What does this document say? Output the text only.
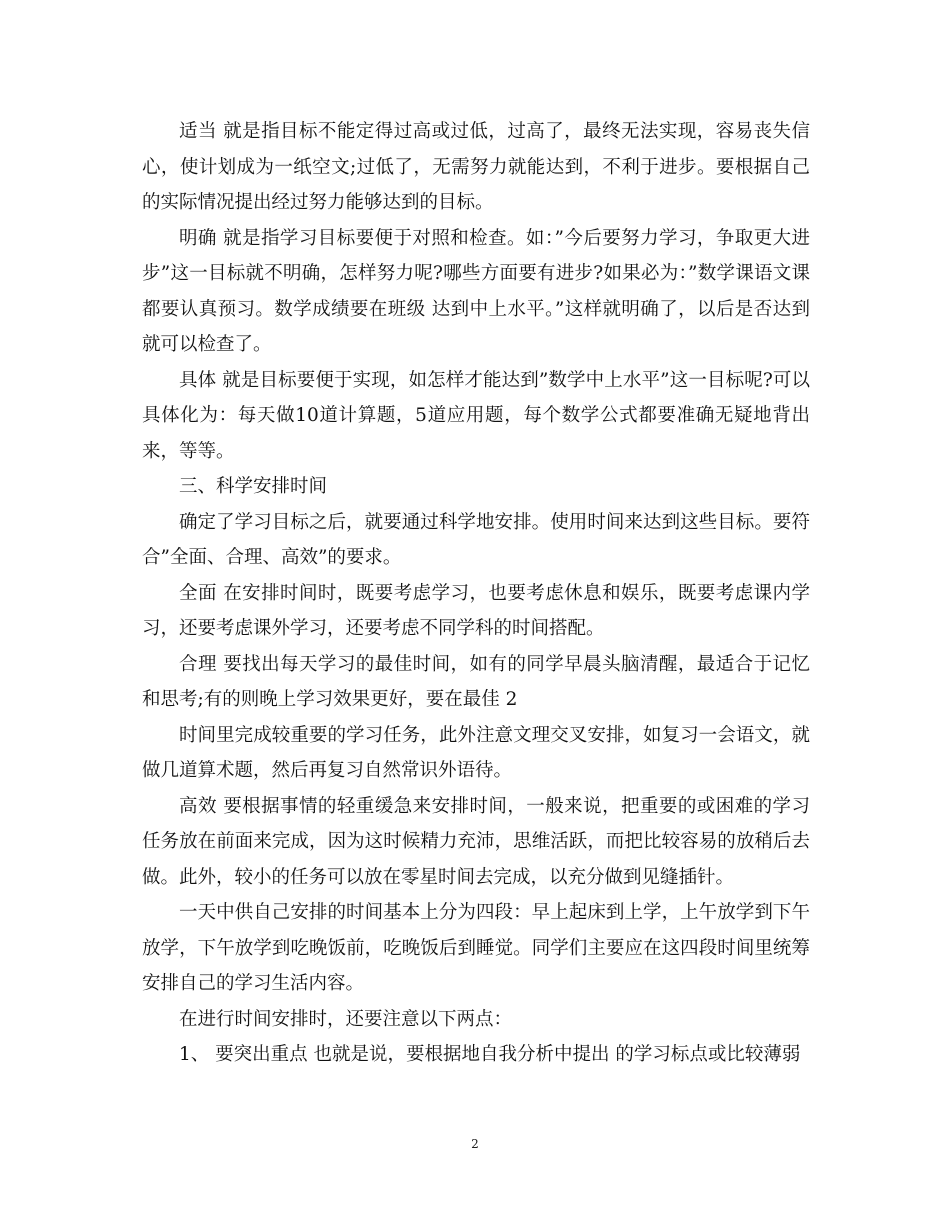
适当 就是指目标不能定得过高或过低，过高了，最终无法实现，容易丧失信心，使计划成为一纸空文;过低了，无需努力就能达到，不利于进步。要根据自己的实际情况提出经过努力能够达到的目标。

明确 就是指学习目标要便于对照和检查。如：”今后要努力学习，争取更大进步”这一目标就不明确，怎样努力呢?哪些方面要有进步?如果必为：”数学课语文课都要认真预习。数学成绩要在班级 达到中上水平。”这样就明确了，以后是否达到就可以检查了。

具体 就是目标要便于实现，如怎样才能达到”数学中上水平”这一目标呢?可以具体化为：每天做10道计算题，5道应用题，每个数学公式都要准确无疑地背出来，等等。

三、科学安排时间

确定了学习目标之后，就要通过科学地安排。使用时间来达到这些目标。要符合”全面、合理、高效”的要求。

全面 在安排时间时，既要考虑学习，也要考虑休息和娱乐，既要考虑课内学习，还要考虑课外学习，还要考虑不同学科的时间搭配。

合理 要找出每天学习的最佳时间，如有的同学早晨头脑清醒，最适合于记忆和思考;有的则晚上学习效果更好，要在最佳 2

时间里完成较重要的学习任务，此外注意文理交叉安排，如复习一会语文，就做几道算术题，然后再复习自然常识外语待。

高效 要根据事情的轻重缓急来安排时间，一般来说，把重要的或困难的学习任务放在前面来完成，因为这时候精力充沛，思维活跃，而把比较容易的放稍后去做。此外，较小的任务可以放在零星时间去完成，以充分做到见缝插针。

一天中供自己安排的时间基本上分为四段：早上起床到上学，上午放学到下午放学，下午放学到吃晚饭前，吃晚饭后到睡觉。同学们主要应在这四段时间里统筹安排自己的学习生活内容。

在进行时间安排时，还要注意以下两点：

1、 要突出重点 也就是说，要根据地自我分析中提出 的学习标点或比较薄弱

2
